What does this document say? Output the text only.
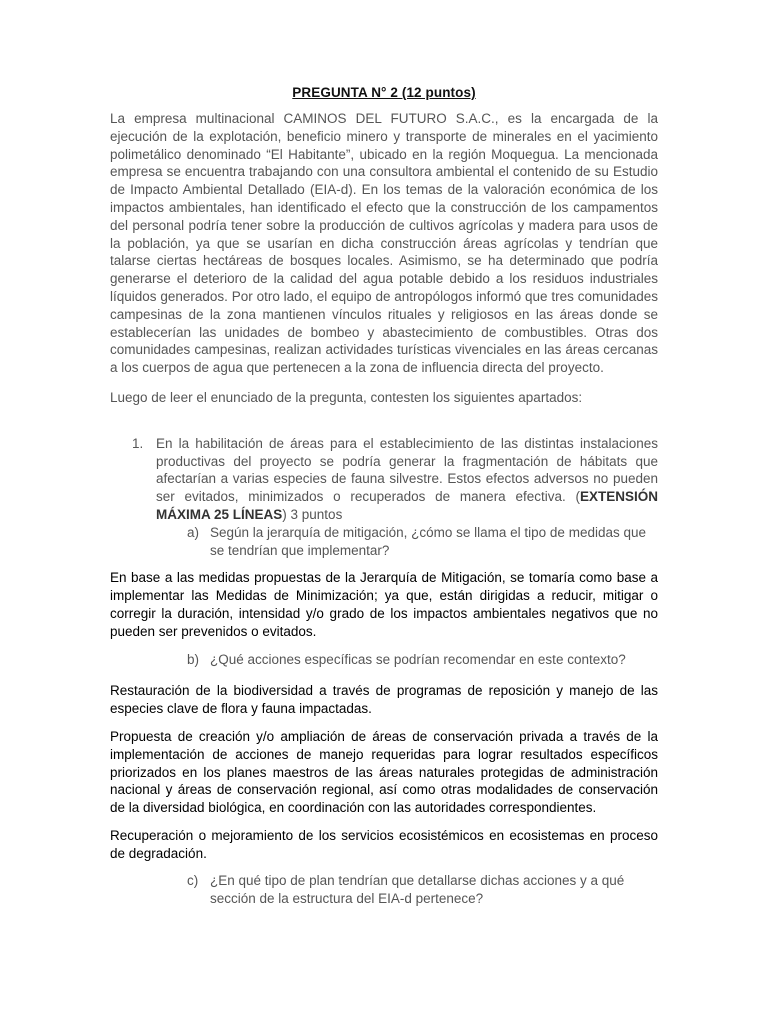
PREGUNTA N° 2 (12 puntos)

La empresa multinacional CAMINOS DEL FUTURO S.A.C., es la encargada de la ejecución de la explotación, beneficio minero y transporte de minerales en el yacimiento polimetálico denominado “El Habitante”, ubicado en la región Moquegua. La mencionada empresa se encuentra trabajando con una consultora ambiental el contenido de su Estudio de Impacto Ambiental Detallado (EIA-d). En los temas de la valoración económica de los impactos ambientales, han identificado el efecto que la construcción de los campamentos del personal podría tener sobre la producción de cultivos agrícolas y madera para usos de la población, ya que se usarían en dicha construcción áreas agrícolas y tendrían que talarse ciertas hectáreas de bosques locales. Asimismo, se ha determinado que podría generarse el deterioro de la calidad del agua potable debido a los residuos industriales líquidos generados. Por otro lado, el equipo de antropólogos informó que tres comunidades campesinas de la zona mantienen vínculos rituales y religiosos en las áreas donde se establecerían las unidades de bombeo y abastecimiento de combustibles. Otras dos comunidades campesinas, realizan actividades turísticas vivenciales en las áreas cercanas a los cuerpos de agua que pertenecen a la zona de influencia directa del proyecto.

Luego de leer el enunciado de la pregunta, contesten los siguientes apartados:

1. En la habilitación de áreas para el establecimiento de las distintas instalaciones productivas del proyecto se podría generar la fragmentación de hábitats que afectarían a varias especies de fauna silvestre. Estos efectos adversos no pueden ser evitados, minimizados o recuperados de manera efectiva. (EXTENSIÓN MÁXIMA 25 LÍNEAS) 3 puntos
a) Según la jerarquía de mitigación, ¿cómo se llama el tipo de medidas que se tendrían que implementar?

En base a las medidas propuestas de la Jerarquía de Mitigación, se tomaría como base a implementar las Medidas de Minimización; ya que, están dirigidas a reducir, mitigar o corregir la duración, intensidad y/o grado de los impactos ambientales negativos que no pueden ser prevenidos o evitados.

b) ¿Qué acciones específicas se podrían recomendar en este contexto?

Restauración de la biodiversidad a través de programas de reposición y manejo de las especies clave de flora y fauna impactadas.

Propuesta de creación y/o ampliación de áreas de conservación privada a través de la implementación de acciones de manejo requeridas para lograr resultados específicos priorizados en los planes maestros de las áreas naturales protegidas de administración nacional y áreas de conservación regional, así como otras modalidades de conservación de la diversidad biológica, en coordinación con las autoridades correspondientes.

Recuperación o mejoramiento de los servicios ecosistémicos en ecosistemas en proceso de degradación.

c) ¿En qué tipo de plan tendrían que detallarse dichas acciones y a qué sección de la estructura del EIA-d pertenece?
